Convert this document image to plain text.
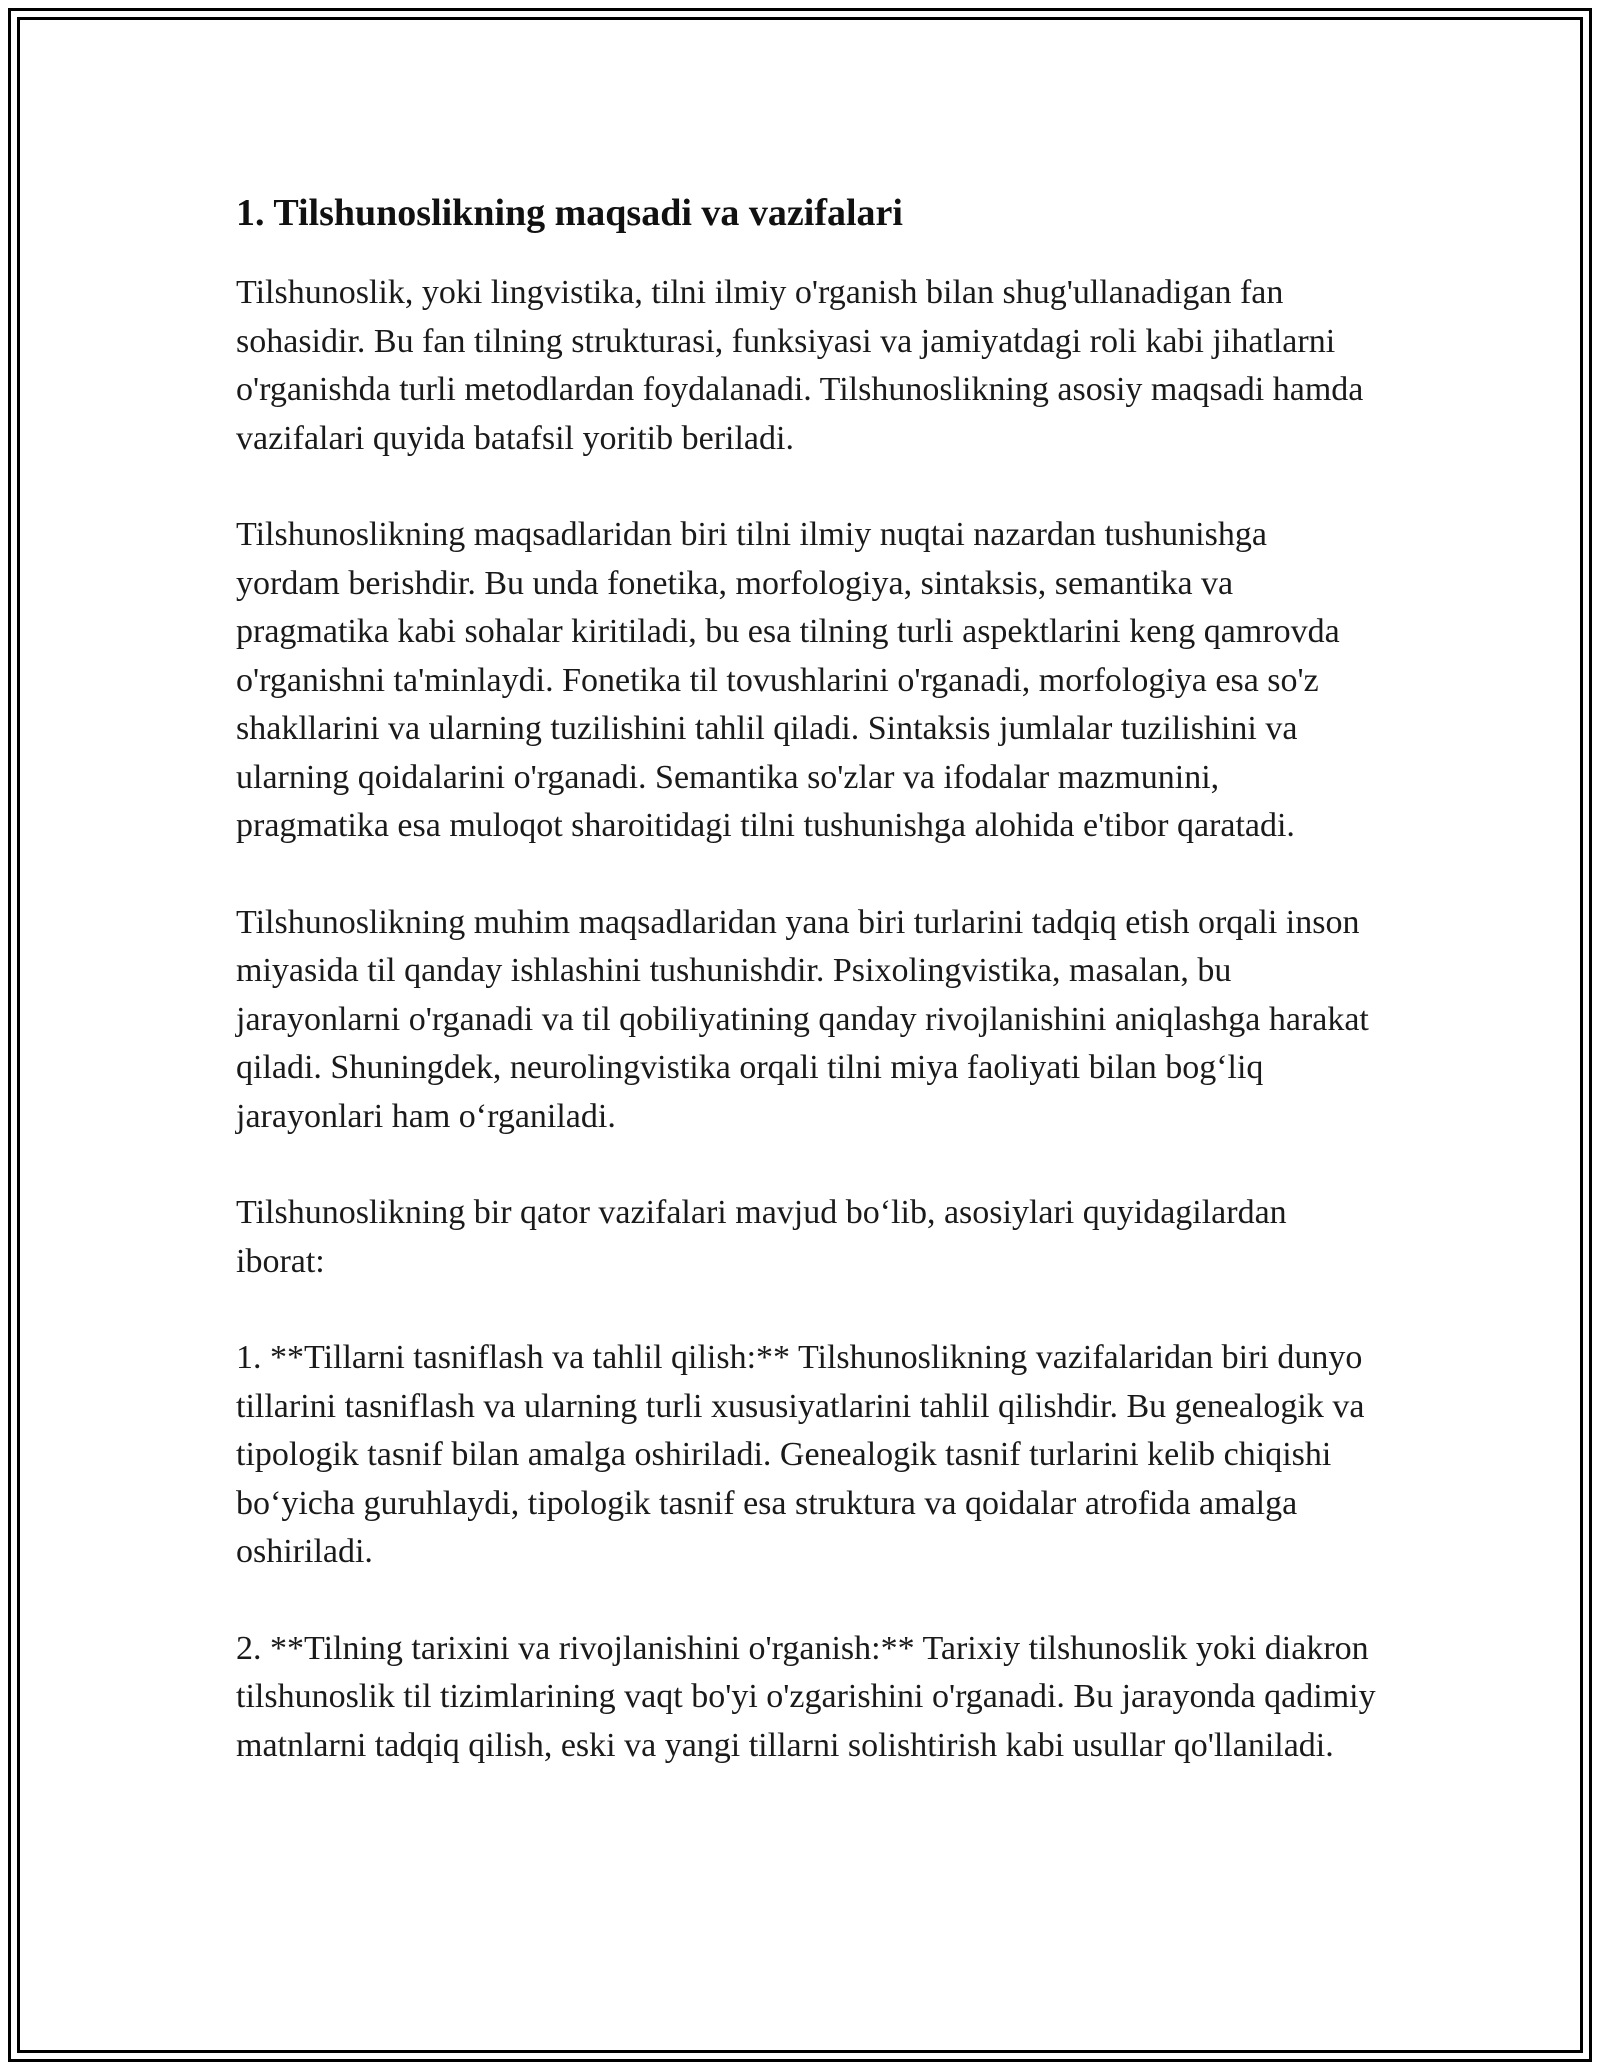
1. Tilshunoslikning maqsadi va vazifalari

Tilshunoslik, yoki lingvistika, tilni ilmiy o'rganish bilan shug'ullanadigan fan sohasidir. Bu fan tilning strukturasi, funksiyasi va jamiyatdagi roli kabi jihatlarni o'rganishda turli metodlardan foydalanadi. Tilshunoslikning asosiy maqsadi hamda vazifalari quyida batafsil yoritib beriladi.

Tilshunoslikning maqsadlaridan biri tilni ilmiy nuqtai nazardan tushunishga yordam berishdir. Bu unda fonetika, morfologiya, sintaksis, semantika va pragmatika kabi sohalar kiritiladi, bu esa tilning turli aspektlarini keng qamrovda o'rganishni ta'minlaydi. Fonetika til tovushlarini o'rganadi, morfologiya esa so'z shakllarini va ularning tuzilishini tahlil qiladi. Sintaksis jumlalar tuzilishini va ularning qoidalarini o'rganadi. Semantika so'zlar va ifodalar mazmunini, pragmatika esa muloqot sharoitidagi tilni tushunishga alohida e'tibor qaratadi.

Tilshunoslikning muhim maqsadlaridan yana biri turlarini tadqiq etish orqali inson miyasida til qanday ishlashini tushunishdir. Psixolingvistika, masalan, bu jarayonlarni o'rganadi va til qobiliyatining qanday rivojlanishini aniqlashga harakat qiladi. Shuningdek, neurolingvistika orqali tilni miya faoliyati bilan bog‘liq jarayonlari ham o‘rganiladi.

Tilshunoslikning bir qator vazifalari mavjud bo‘lib, asosiylari quyidagilardan iborat:

1. **Tillarni tasniflash va tahlil qilish:** Tilshunoslikning vazifalaridan biri dunyo tillarini tasniflash va ularning turli xususiyatlarini tahlil qilishdir. Bu genealogik va tipologik tasnif bilan amalga oshiriladi. Genealogik tasnif turlarini kelib chiqishi bo‘yicha guruhlaydi, tipologik tasnif esa struktura va qoidalar atrofida amalga oshiriladi.

2. **Tilning tarixini va rivojlanishini o'rganish:** Tarixiy tilshunoslik yoki diakron tilshunoslik til tizimlarining vaqt bo'yi o'zgarishini o'rganadi. Bu jarayonda qadimiy matnlarni tadqiq qilish, eski va yangi tillarni solishtirish kabi usullar qo'llaniladi.
